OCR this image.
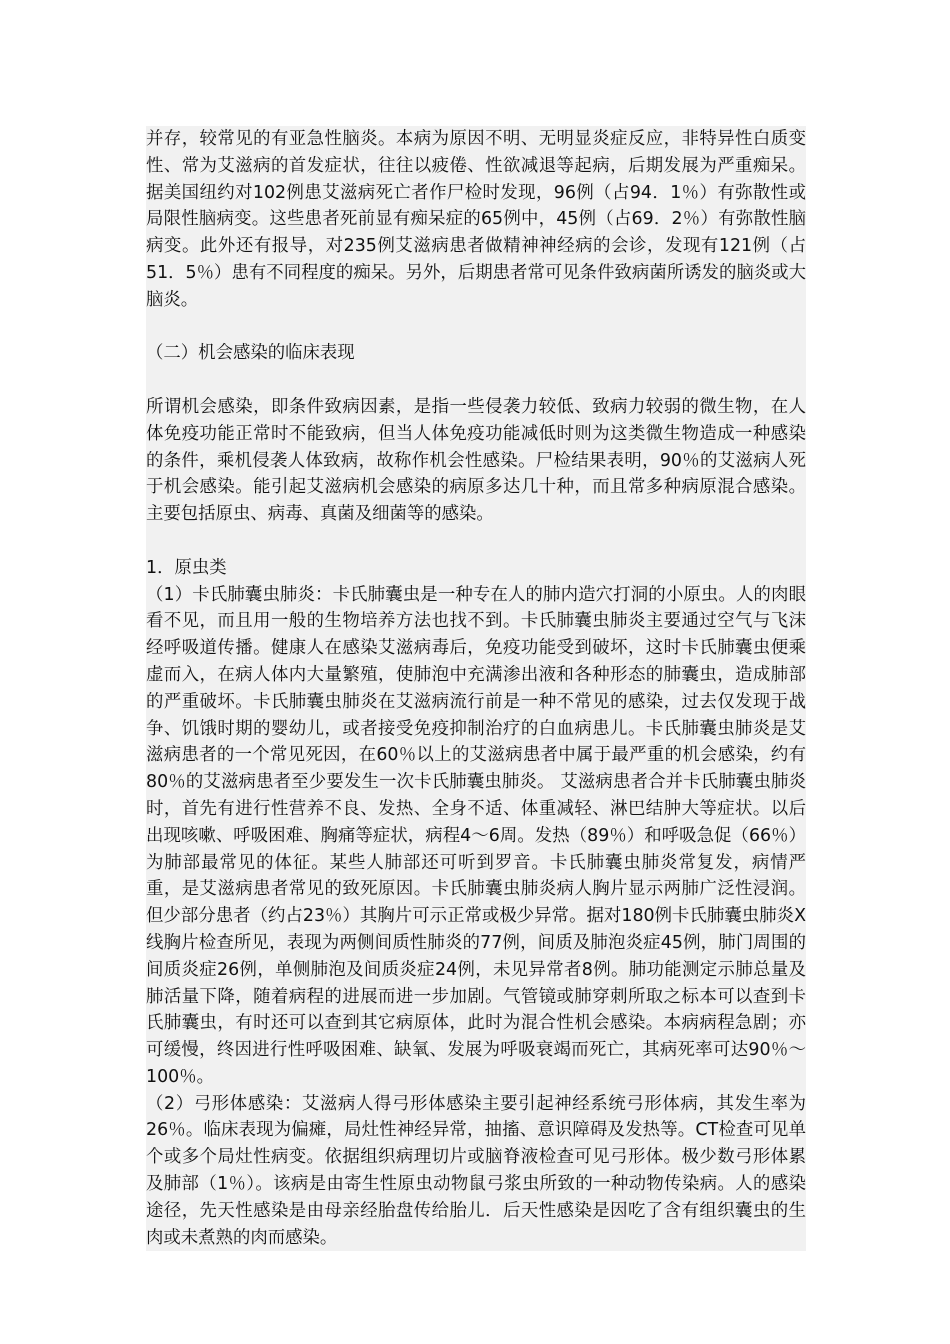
并存，较常见的有亚急性脑炎。本病为原因不明、无明显炎症反应，非特异性白质变性、常为艾滋病的首发症状，往往以疲倦、性欲减退等起病，后期发展为严重痴呆。据美国纽约对102例患艾滋病死亡者作尸检时发现，96例（占94．1％）有弥散性或局限性脑病变。这些患者死前显有痴呆症的65例中，45例（占69．2％）有弥散性脑病变。此外还有报导，对235例艾滋病患者做精神神经病的会诊，发现有121例（占51．5％）患有不同程度的痴呆。另外，后期患者常可见条件致病菌所诱发的脑炎或大脑炎。

（二）机会感染的临床表现

所谓机会感染，即条件致病因素，是指一些侵袭力较低、致病力较弱的微生物，在人体免疫功能正常时不能致病，但当人体免疫功能减低时则为这类微生物造成一种感染的条件，乘机侵袭人体致病，故称作机会性感染。尸检结果表明，90％的艾滋病人死于机会感染。能引起艾滋病机会感染的病原多达几十种，而且常多种病原混合感染。主要包括原虫、病毒、真菌及细菌等的感染。

1．原虫类

（1）卡氏肺囊虫肺炎：卡氏肺囊虫是一种专在人的肺内造穴打洞的小原虫。人的肉眼看不见，而且用一般的生物培养方法也找不到。卡氏肺囊虫肺炎主要通过空气与飞沫经呼吸道传播。健康人在感染艾滋病毒后，免疫功能受到破坏，这时卡氏肺囊虫便乘虚而入，在病人体内大量繁殖，使肺泡中充满渗出液和各种形态的肺囊虫，造成肺部的严重破坏。卡氏肺囊虫肺炎在艾滋病流行前是一种不常见的感染，过去仅发现于战争、饥饿时期的婴幼儿，或者接受免疫抑制治疗的白血病患儿。卡氏肺囊虫肺炎是艾滋病患者的一个常见死因，在60％以上的艾滋病患者中属于最严重的机会感染，约有80％的艾滋病患者至少要发生一次卡氏肺囊虫肺炎。 艾滋病患者合并卡氏肺囊虫肺炎时，首先有进行性营养不良、发热、全身不适、体重减轻、淋巴结肿大等症状。以后出现咳嗽、呼吸困难、胸痛等症状，病程4～6周。发热（89％）和呼吸急促（66％）为肺部最常见的体征。某些人肺部还可听到罗音。卡氏肺囊虫肺炎常复发，病情严重，是艾滋病患者常见的致死原因。卡氏肺囊虫肺炎病人胸片显示两肺广泛性浸润。但少部分患者（约占23％）其胸片可示正常或极少异常。据对180例卡氏肺囊虫肺炎X线胸片检查所见，表现为两侧间质性肺炎的77例，间质及肺泡炎症45例，肺门周围的间质炎症26例，单侧肺泡及间质炎症24例，未见异常者8例。肺功能测定示肺总量及肺活量下降，随着病程的进展而进一步加剧。气管镜或肺穿刺所取之标本可以查到卡氏肺囊虫，有时还可以查到其它病原体，此时为混合性机会感染。本病病程急剧；亦可缓慢，终因进行性呼吸困难、缺氧、发展为呼吸衰竭而死亡，其病死率可达90％～100％。

（2）弓形体感染：艾滋病人得弓形体感染主要引起神经系统弓形体病，其发生率为26％。临床表现为偏瘫，局灶性神经异常，抽搐、意识障碍及发热等。CT检查可见单个或多个局灶性病变。依据组织病理切片或脑脊液检查可见弓形体。极少数弓形体累及肺部（1％）。该病是由寄生性原虫动物鼠弓浆虫所致的一种动物传染病。人的感染途径，先天性感染是由母亲经胎盘传给胎儿．后天性感染是因吃了含有组织囊虫的生肉或未煮熟的肉而感染。
